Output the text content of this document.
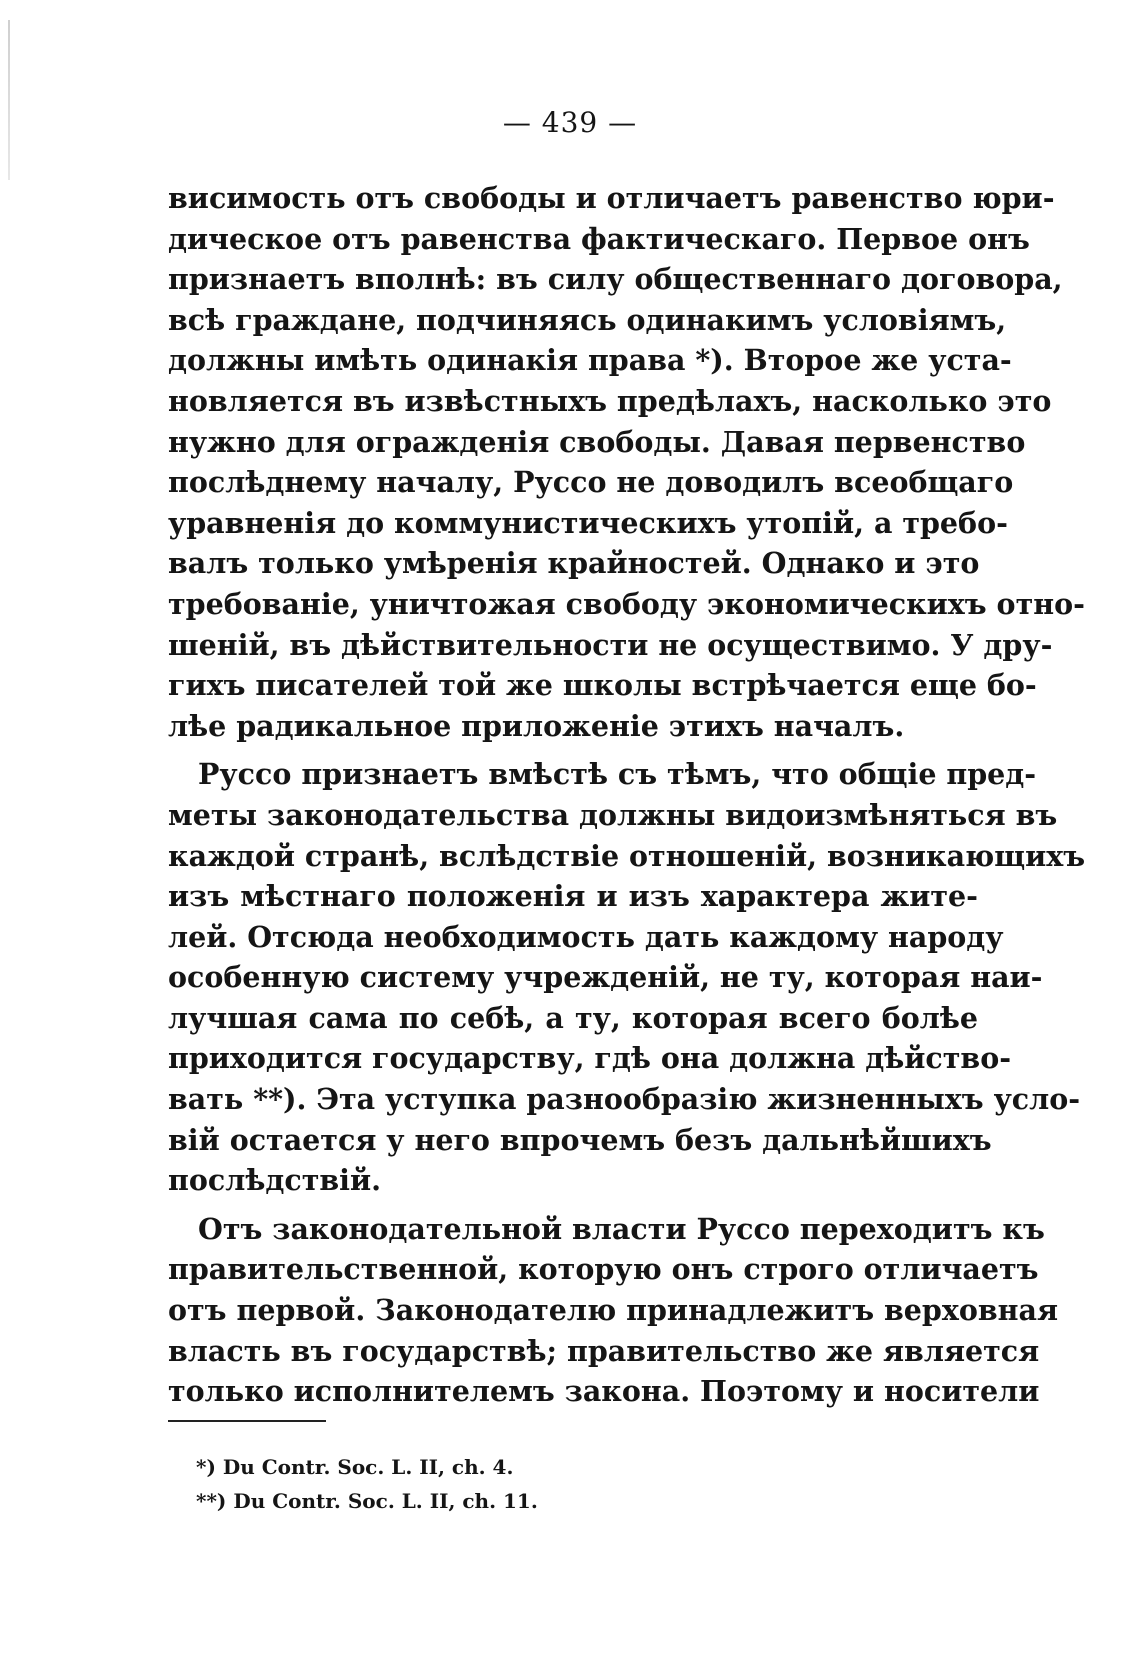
— 439 —
висимость отъ свободы и отличаетъ равенство юри-
дическое отъ равенства фактическаго. Первое онъ
признаетъ вполнѣ: въ силу общественнаго договора,
всѣ граждане, подчиняясь одинакимъ условіямъ,
должны имѣть одинакія права *). Второе же уста-
новляется въ извѣстныхъ предѣлахъ, насколько это
нужно для огражденія свободы. Давая первенство
послѣднему началу, Руссо не доводилъ всеобщаго
уравненія до коммунистическихъ утопій, а требо-
валъ только умѣренія крайностей. Однако и это
требованіе, уничтожая свободу экономическихъ отно-
шеній, въ дѣйствительности не осуществимо. У дру-
гихъ писателей той же школы встрѣчается еще бо-
лѣе радикальное приложеніе этихъ началъ.
Руссо признаетъ вмѣстѣ съ тѣмъ, что общіе пред-
меты законодательства должны видоизмѣняться въ
каждой странѣ, вслѣдствіе отношеній, возникающихъ
изъ мѣстнаго положенія и изъ характера жите-
лей. Отсюда необходимость дать каждому народу
особенную систему учрежденій, не ту, которая наи-
лучшая сама по себѣ, а ту, которая всего болѣе
приходится государству, гдѣ она должна дѣйство-
вать **). Эта уступка разнообразію жизненныхъ усло-
вій остается у него впрочемъ безъ дальнѣйшихъ
послѣдствій.
Отъ законодательной власти Руссо переходитъ къ
правительственной, которую онъ строго отличаетъ
отъ первой. Законодателю принадлежитъ верховная
власть въ государствѣ; правительство же является
только исполнителемъ закона. Поэтому и носители
*) Du Contr. Soc. L. II, ch. 4.
**) Du Contr. Soc. L. II, ch. 11.
